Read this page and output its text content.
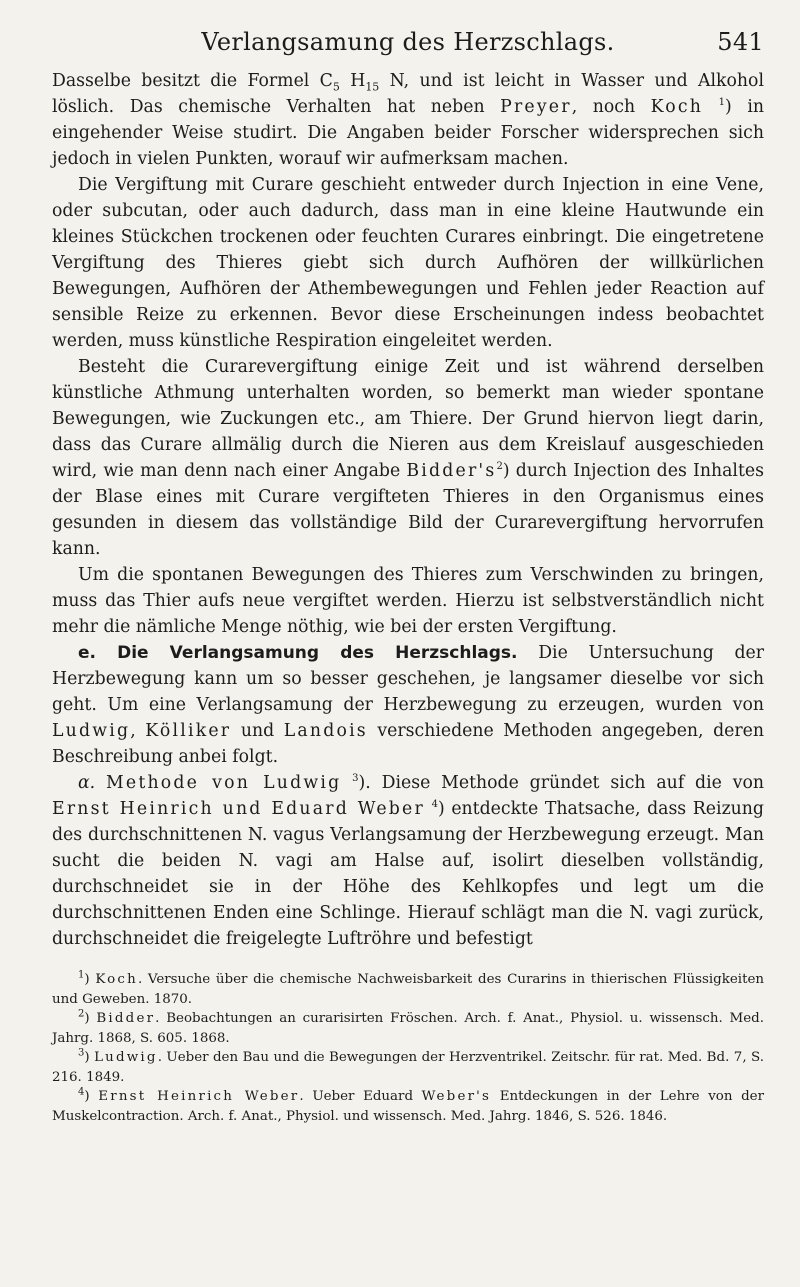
Verlangsamung des Herzschlags.	541

Dasselbe besitzt die Formel $C_5$ $H_{15}$ N, und ist leicht in Wasser und Alkohol löslich. Das chemische Verhalten hat neben Preyer, noch Koch $^1$) in eingehender Weise studirt. Die Angaben beider Forscher widersprechen sich jedoch in vielen Punkten, worauf wir aufmerksam machen.

Die Vergiftung mit Curare geschieht entweder durch Injection in eine Vene, oder subcutan, oder auch dadurch, dass man in eine kleine Hautwunde ein kleines Stückchen trockenen oder feuchten Curares einbringt. Die eingetretene Vergiftung des Thieres giebt sich durch Aufhören der willkürlichen Bewegungen, Aufhören der Athembewegungen und Fehlen jeder Reaction auf sensible Reize zu erkennen. Bevor diese Erscheinungen indess beobachtet werden, muss künstliche Respiration eingeleitet werden.

Besteht die Curarevergiftung einige Zeit und ist während derselben künstliche Athmung unterhalten worden, so bemerkt man wieder spontane Bewegungen, wie Zuckungen etc., am Thiere. Der Grund hiervon liegt darin, dass das Curare allmälig durch die Nieren aus dem Kreislauf ausgeschieden wird, wie man denn nach einer Angabe $Bidder's^2$) durch Injection des Inhaltes der Blase eines mit Curare vergifteten Thieres in den Organismus eines gesunden in diesem das vollständige Bild der Curarevergiftung hervorrufen kann.

Um die spontanen Bewegungen des Thieres zum Verschwinden zu bringen, muss das Thier aufs neue vergiftet werden. Hierzu ist selbstverständlich nicht mehr die nämliche Menge nöthig, wie bei der ersten Vergiftung.

e. Die Verlangsamung des Herzschlags. Die Untersuchung der Herzbewegung kann um so besser geschehen, je langsamer dieselbe vor sich geht. Um eine Verlangsamung der Herzbewegung zu erzeugen, wurden von Ludwig, Kölliker und Landois verschiedene Methoden angegeben, deren Beschreibung anbei folgt.

α. Methode von Ludwig $^3$). Diese Methode gründet sich auf die von Ernst Heinrich und Eduard Weber $^4$) entdeckte Thatsache, dass Reizung des durchschnittenen N. vagus Verlangsamung der Herzbewegung erzeugt. Man sucht die beiden N. vagi am Halse auf, isolirt dieselben vollständig, durchschneidet sie in der Höhe des Kehlkopfes und legt um die durchschnittenen Enden eine Schlinge. Hierauf schlägt man die N. vagi zurück, durchschneidet die freigelegte Luftröhre und befestigt

$^1$) Koch. Versuche über die chemische Nachweisbarkeit des Curarins in thierischen Flüssigkeiten und Geweben. 1870.

$^2$) Bidder. Beobachtungen an curarisirten Fröschen. Arch. f. Anat., Physiol. u. wissensch. Med. Jahrg. 1868, S. 605. 1868.

$^3$) Ludwig. Ueber den Bau und die Bewegungen der Herzventrikel. Zeitschr. für rat. Med. Bd. 7, S. 216. 1849.

$^4$) Ernst Heinrich Weber. Ueber Eduard Weber's Entdeckungen in der Lehre von der Muskelcontraction. Arch. f. Anat., Physiol. und wissensch. Med. Jahrg. 1846, S. 526. 1846.
